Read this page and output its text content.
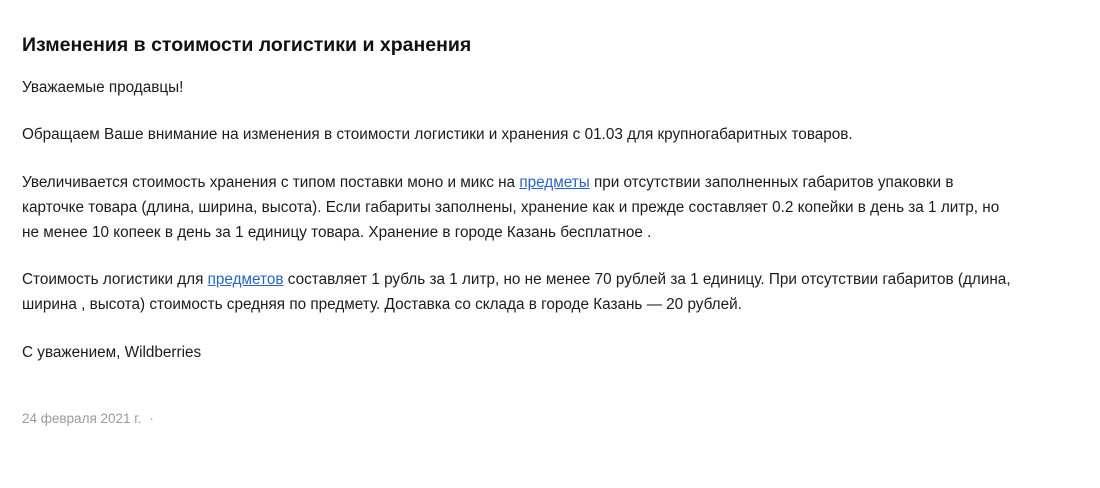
Изменения в стоимости логистики и хранения

Уважаемые продавцы!

Обращаем Ваше внимание на изменения в стоимости логистики и хранения с 01.03 для крупногабаритных товаров.

Увеличивается стоимость хранения с типом поставки моно и микс на предметы при отсутствии заполненных габаритов упаковки в
карточке товара (длина, ширина, высота). Если габариты заполнены, хранение как и прежде составляет 0.2 копейки в день за 1 литр, но
не менее 10 копеек в день за 1 единицу товара. Хранение в городе Казань бесплатное .

Стоимость логистики для предметов составляет 1 рубль за 1 литр, но не менее 70 рублей за 1 единицу. При отсутствии габаритов (длина,
ширина , высота) стоимость средняя по предмету. Доставка со склада в городе Казань — 20 рублей.

С уважением, Wildberries

24 февраля 2021 г. ·
